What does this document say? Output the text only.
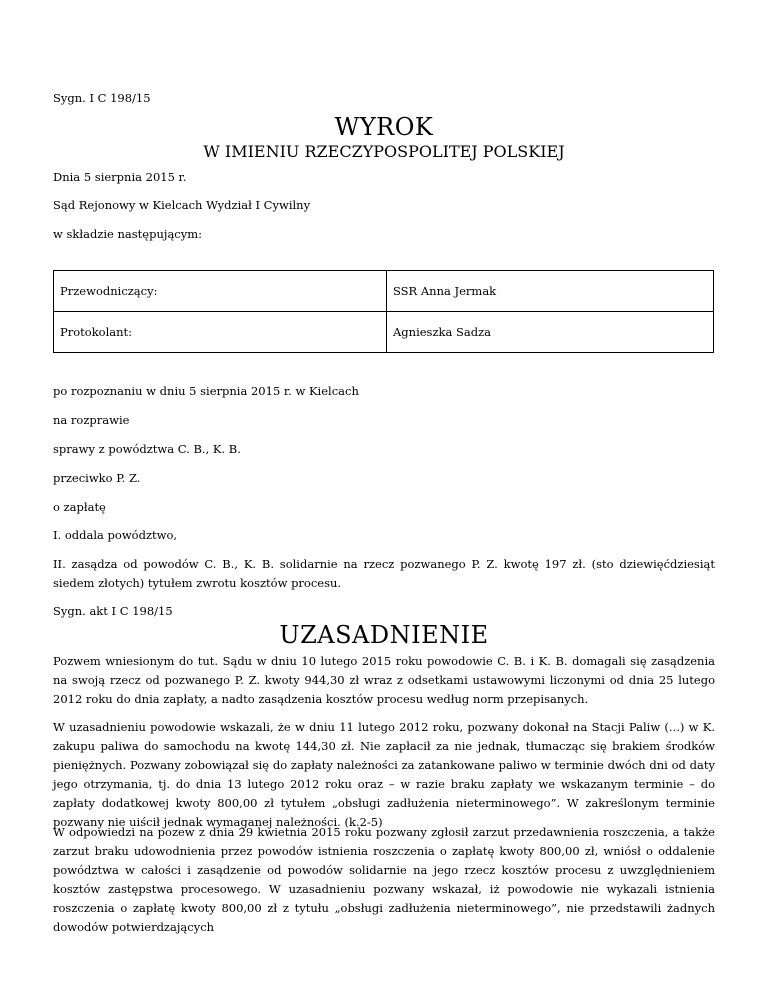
Sygn. I C 198/15
WYROK
W IMIENIU RZECZYPOSPOLITEJ POLSKIEJ
Dnia 5 sierpnia 2015 r.
Sąd Rejonowy w Kielcach Wydział I Cywilny
w składzie następującym:
Przewodniczący:	SSR Anna Jermak
Protokolant:	Agnieszka Sadza
po rozpoznaniu w dniu 5 sierpnia 2015 r. w Kielcach
na rozprawie
sprawy z powództwa C. B., K. B.
przeciwko P. Z.
o zapłatę
I. oddala powództwo,
II. zasądza od powodów C. B., K. B. solidarnie na rzecz pozwanego P. Z. kwotę 197 zł. (sto dziewięćdziesiąt siedem złotych) tytułem zwrotu kosztów procesu.
Sygn. akt I C 198/15
UZASADNIENIE
Pozwem wniesionym do tut. Sądu w dniu 10 lutego 2015 roku powodowie C. B. i K. B. domagali się zasądzenia na swoją rzecz od pozwanego P. Z. kwoty 944,30 zł wraz z odsetkami ustawowymi liczonymi od dnia 25 lutego 2012 roku do dnia zapłaty, a nadto zasądzenia kosztów procesu według norm przepisanych.
W uzasadnieniu powodowie wskazali, że w dniu 11 lutego 2012 roku, pozwany dokonał na Stacji Paliw (...) w K. zakupu paliwa do samochodu na kwotę 144,30 zł. Nie zapłacił za nie jednak, tłumacząc się brakiem środków pieniężnych. Pozwany zobowiązał się do zapłaty należności za zatankowane paliwo w terminie dwóch dni od daty jego otrzymania, tj. do dnia 13 lutego 2012 roku oraz – w razie braku zapłaty we wskazanym terminie – do zapłaty dodatkowej kwoty 800,00 zł tytułem „obsługi zadłużenia nieterminowego”. W zakreślonym terminie pozwany nie uiścił jednak wymaganej należności. (k.2-5)
W odpowiedzi na pozew z dnia 29 kwietnia 2015 roku pozwany zgłosił zarzut przedawnienia roszczenia, a także zarzut braku udowodnienia przez powodów istnienia roszczenia o zapłatę kwoty 800,00 zł, wniósł o oddalenie powództwa w całości i zasądzenie od powodów solidarnie na jego rzecz kosztów procesu z uwzględnieniem kosztów zastępstwa procesowego. W uzasadnieniu pozwany wskazał, iż powodowie nie wykazali istnienia roszczenia o zapłatę kwoty 800,00 zł z tytułu „obsługi zadłużenia nieterminowego”, nie przedstawili żadnych dowodów potwierdzających
